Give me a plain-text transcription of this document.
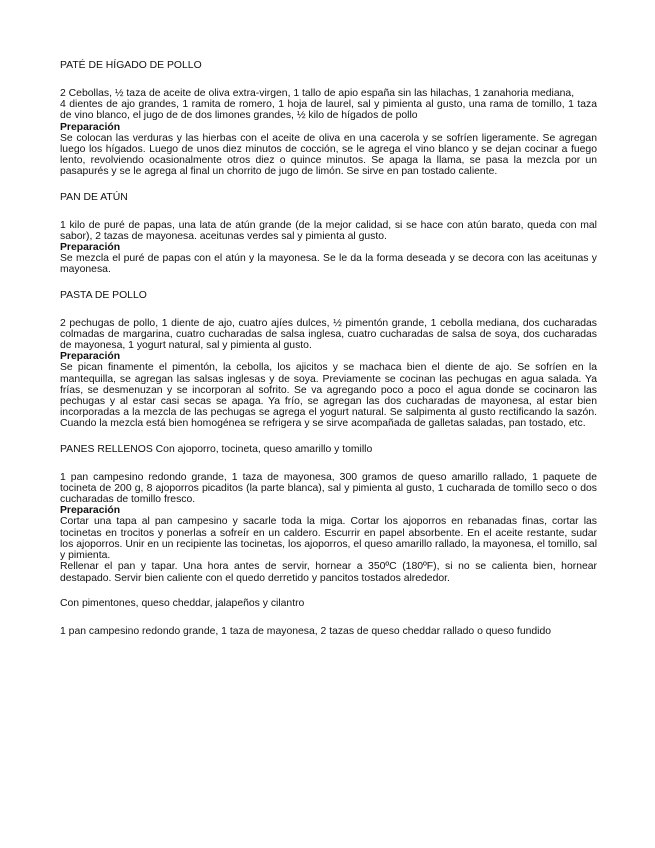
PATÉ DE HÍGADO DE POLLO

2 Cebollas, ½ taza de aceite de oliva extra-virgen, 1 tallo de apio españa sin las hilachas, 1 zanahoria mediana,

4 dientes de ajo grandes, 1 ramita de romero, 1 hoja de laurel, sal y pimienta al gusto, una rama de tomillo, 1 taza de vino blanco, el jugo de de dos limones grandes, ½ kilo de hígados de pollo

Preparación

Se colocan las verduras y las hierbas con el aceite de oliva en una cacerola y se sofríen ligeramente. Se agregan luego los hígados. Luego de unos diez minutos de cocción, se le agrega el vino blanco y se dejan cocinar a fuego lento, revolviendo ocasionalmente otros diez o quince minutos. Se apaga la llama, se pasa la mezcla por un pasapurés y se le agrega al final un chorrito de jugo de limón. Se sirve en pan tostado caliente.

PAN DE ATÚN

1 kilo de puré de papas, una lata de atún grande (de la mejor calidad, si se hace con atún barato, queda con mal sabor), 2 tazas de mayonesa. aceitunas verdes sal y pimienta al gusto.

Preparación

Se mezcla el puré de papas con el atún y la mayonesa. Se le da la forma deseada y se decora con las aceitunas y mayonesa.

PASTA DE POLLO

2 pechugas de pollo, 1 diente de ajo, cuatro ajíes dulces, ½ pimentón grande, 1 cebolla mediana, dos cucharadas colmadas de margarina, cuatro cucharadas de salsa inglesa, cuatro cucharadas de salsa de soya, dos cucharadas de mayonesa, 1 yogurt natural, sal y pimienta al gusto.

Preparación

Se pican finamente el pimentón, la cebolla, los ajicitos y se machaca bien el diente de ajo. Se sofríen en la mantequilla, se agregan las salsas inglesas y de soya. Previamente se cocinan las pechugas en agua salada. Ya frías, se desmenuzan y se incorporan al sofrito. Se va agregando poco a poco el agua donde se cocinaron las pechugas y al estar casi secas se apaga. Ya frío, se agregan las dos cucharadas de mayonesa, al estar bien incorporadas a la mezcla de las pechugas se agrega el yogurt natural. Se salpimenta al gusto rectificando la sazón. Cuando la mezcla está bien homogénea se refrigera y se sirve acompañada de galletas saladas, pan tostado, etc.

PANES RELLENOS Con ajoporro, tocineta, queso amarillo y tomillo

1 pan campesino redondo grande, 1 taza de mayonesa, 300 gramos de queso amarillo rallado, 1 paquete de tocineta de 200 g, 8 ajoporros picaditos (la parte blanca), sal y pimienta al gusto, 1 cucharada de tomillo seco o dos cucharadas de tomillo fresco.

Preparación

Cortar una tapa al pan campesino y sacarle toda la miga. Cortar los ajoporros en rebanadas finas, cortar las tocinetas en trocitos y ponerlas a sofreír en un caldero. Escurrir en papel absorbente. En el aceite restante, sudar los ajoporros. Unir en un recipiente las tocinetas, los ajoporros, el queso amarillo rallado, la mayonesa, el tomillo, sal y pimienta.

Rellenar el pan y tapar. Una hora antes de servir, hornear a 350ºC (180ºF), si no se calienta bien, hornear destapado. Servir bien caliente con el quedo derretido y pancitos tostados alrededor.

Con pimentones, queso cheddar, jalapeños y cilantro

1 pan campesino redondo grande, 1 taza de mayonesa, 2 tazas de queso cheddar rallado o queso fundido
